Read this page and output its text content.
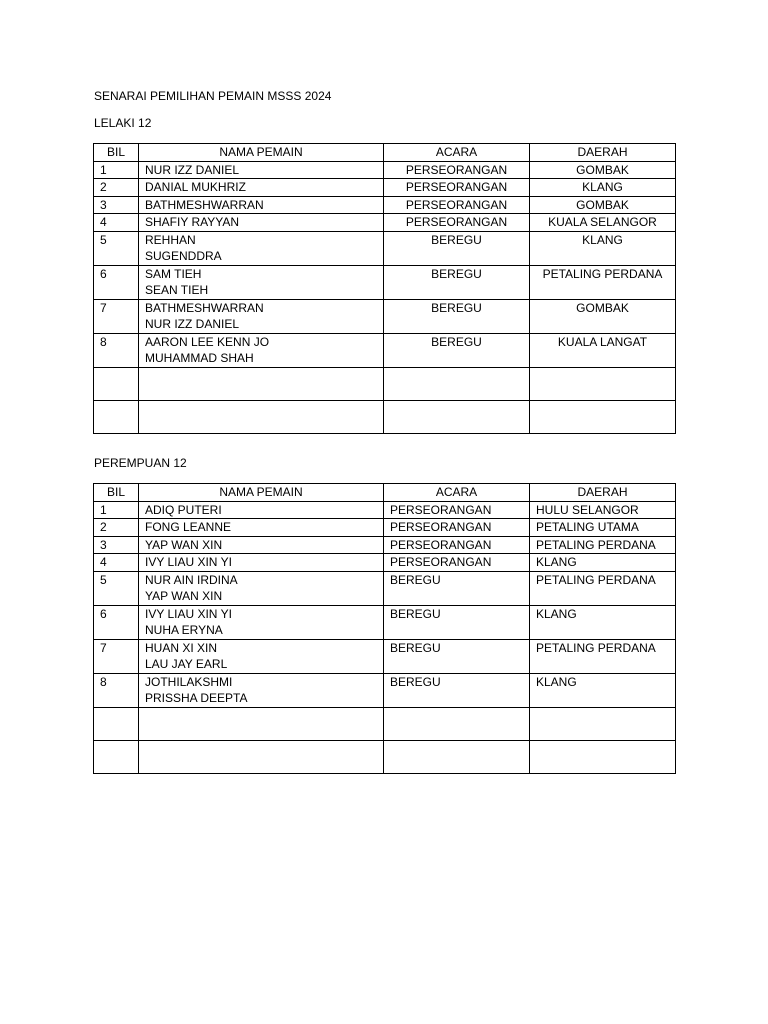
SENARAI PEMILIHAN PEMAIN MSSS 2024
LELAKI 12
BIL	NAMA PEMAIN	ACARA	DAERAH
1	NUR IZZ DANIEL	PERSEORANGAN	GOMBAK
2	DANIAL MUKHRIZ	PERSEORANGAN	KLANG
3	BATHMESHWARRAN	PERSEORANGAN	GOMBAK
4	SHAFIY RAYYAN	PERSEORANGAN	KUALA SELANGOR
5	REHHAN
SUGENDDRA	BEREGU	KLANG
6	SAM TIEH
SEAN TIEH	BEREGU	PETALING PERDANA
7	BATHMESHWARRAN
NUR IZZ DANIEL	BEREGU	GOMBAK
8	AARON LEE KENN JO
MUHAMMAD SHAH	BEREGU	KUALA LANGAT

PEREMPUAN 12
BIL	NAMA PEMAIN	ACARA	DAERAH
1	ADIQ PUTERI	PERSEORANGAN	HULU SELANGOR
2	FONG LEANNE	PERSEORANGAN	PETALING UTAMA
3	YAP WAN XIN	PERSEORANGAN	PETALING PERDANA
4	IVY LIAU XIN YI	PERSEORANGAN	KLANG
5	NUR AIN IRDINA
YAP WAN XIN	BEREGU	PETALING PERDANA
6	IVY LIAU XIN YI
NUHA ERYNA	BEREGU	KLANG
7	HUAN XI XIN
LAU JAY EARL	BEREGU	PETALING PERDANA
8	JOTHILAKSHMI
PRISSHA DEEPTA	BEREGU	KLANG
